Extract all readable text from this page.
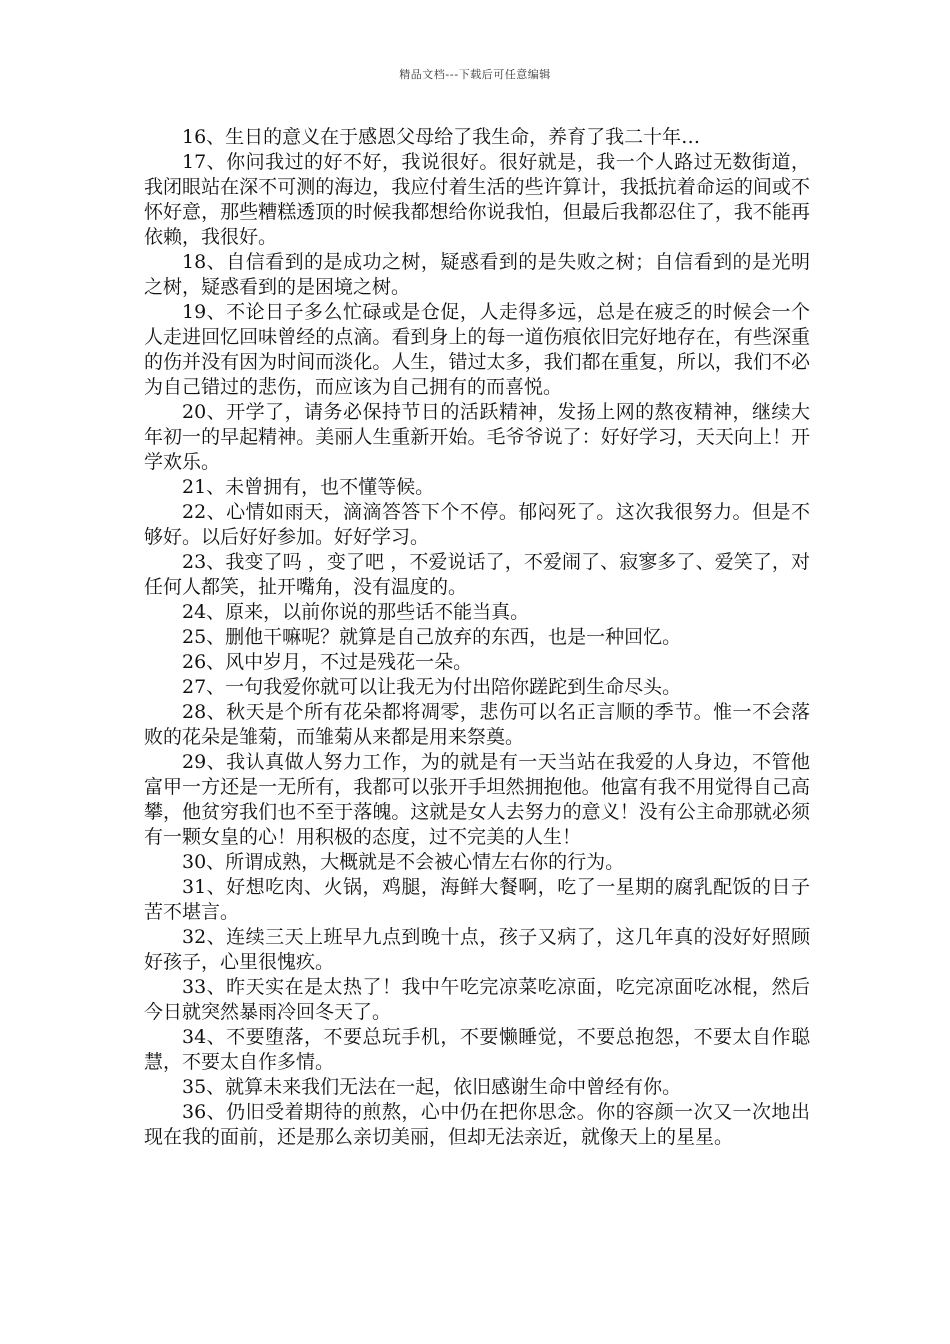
精品文档---下载后可任意编辑

16、生日的意义在于感恩父母给了我生命，养育了我二十年…

17、你问我过的好不好，我说很好。很好就是，我一个人路过无数街道，我闭眼站在深不可测的海边，我应付着生活的些许算计，我抵抗着命运的间或不怀好意，那些糟糕透顶的时候我都想给你说我怕，但最后我都忍住了，我不能再依赖，我很好。

18、自信看到的是成功之树，疑惑看到的是失败之树；自信看到的是光明之树，疑惑看到的是困境之树。

19、不论日子多么忙碌或是仓促，人走得多远，总是在疲乏的时候会一个人走进回忆回味曾经的点滴。看到身上的每一道伤痕依旧完好地存在，有些深重的伤并没有因为时间而淡化。人生，错过太多，我们都在重复，所以，我们不必为自己错过的悲伤，而应该为自己拥有的而喜悦。

20、开学了，请务必保持节日的活跃精神，发扬上网的熬夜精神，继续大年初一的早起精神。美丽人生重新开始。毛爷爷说了：好好学习，天天向上！开学欢乐。

21、未曾拥有，也不懂等候。

22、心情如雨天，滴滴答答下个不停。郁闷死了。这次我很努力。但是不够好。以后好好参加。好好学习。

23、我变了吗 ，变了吧 ，不爱说话了，不爱闹了、寂寥多了、爱笑了，对任何人都笑，扯开嘴角，没有温度的。

24、原来，以前你说的那些话不能当真。

25、删他干嘛呢？就算是自己放弃的东西，也是一种回忆。

26、风中岁月，不过是残花一朵。

27、一句我爱你就可以让我无为付出陪你蹉跎到生命尽头。

28、秋天是个所有花朵都将凋零，悲伤可以名正言顺的季节。惟一不会落败的花朵是雏菊，而雏菊从来都是用来祭奠。

29、我认真做人努力工作，为的就是有一天当站在我爱的人身边，不管他富甲一方还是一无所有，我都可以张开手坦然拥抱他。他富有我不用觉得自己高攀，他贫穷我们也不至于落魄。这就是女人去努力的意义！没有公主命那就必须有一颗女皇的心！用积极的态度，过不完美的人生！

30、所谓成熟，大概就是不会被心情左右你的行为。

31、好想吃肉、火锅，鸡腿，海鲜大餐啊，吃了一星期的腐乳配饭的日子苦不堪言。

32、连续三天上班早九点到晚十点，孩子又病了，这几年真的没好好照顾好孩子，心里很愧疚。

33、昨天实在是太热了！我中午吃完凉菜吃凉面，吃完凉面吃冰棍，然后今日就突然暴雨冷回冬天了。

34、不要堕落，不要总玩手机，不要懒睡觉，不要总抱怨，不要太自作聪慧，不要太自作多情。

35、就算未来我们无法在一起，依旧感谢生命中曾经有你。

36、仍旧受着期待的煎熬，心中仍在把你思念。你的容颜一次又一次地出现在我的面前，还是那么亲切美丽，但却无法亲近，就像天上的星星。
